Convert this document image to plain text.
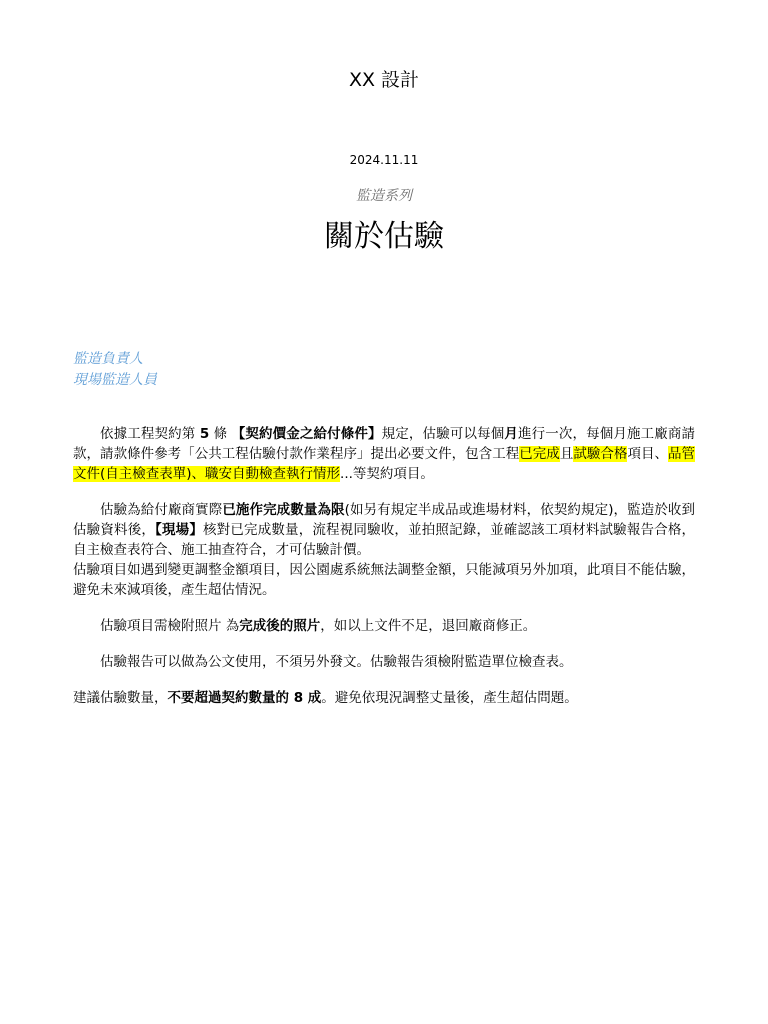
XX 設計
2024.11.11
監造系列
關於估驗
監造負責人
現場監造人員

依據工程契約第 5 條 【契約價金之給付條件】規定，估驗可以每個月進行一次，每個月施工廠商請款，請款條件參考「公共工程估驗付款作業程序」提出必要文件，包含工程已完成且試驗合格項目、品管文件(自主檢查表單)、職安自動檢查執行情形...等契約項目。

估驗為給付廠商實際已施作完成數量為限(如另有規定半成品或進場材料，依契約規定)，監造於收到估驗資料後，【現場】核對已完成數量，流程視同驗收，並拍照記錄，並確認該工項材料試驗報告合格，自主檢查表符合、施工抽查符合，才可估驗計價。

估驗項目如遇到變更調整金額項目，因公園處系統無法調整金額，只能減項另外加項，此項目不能估驗，避免未來減項後，產生超估情況。

估驗項目需檢附照片 為完成後的照片，如以上文件不足，退回廠商修正。

估驗報告可以做為公文使用，不須另外發文。估驗報告須檢附監造單位檢查表。

建議估驗數量，不要超過契約數量的 8 成。避免依現況調整丈量後，產生超估問題。
